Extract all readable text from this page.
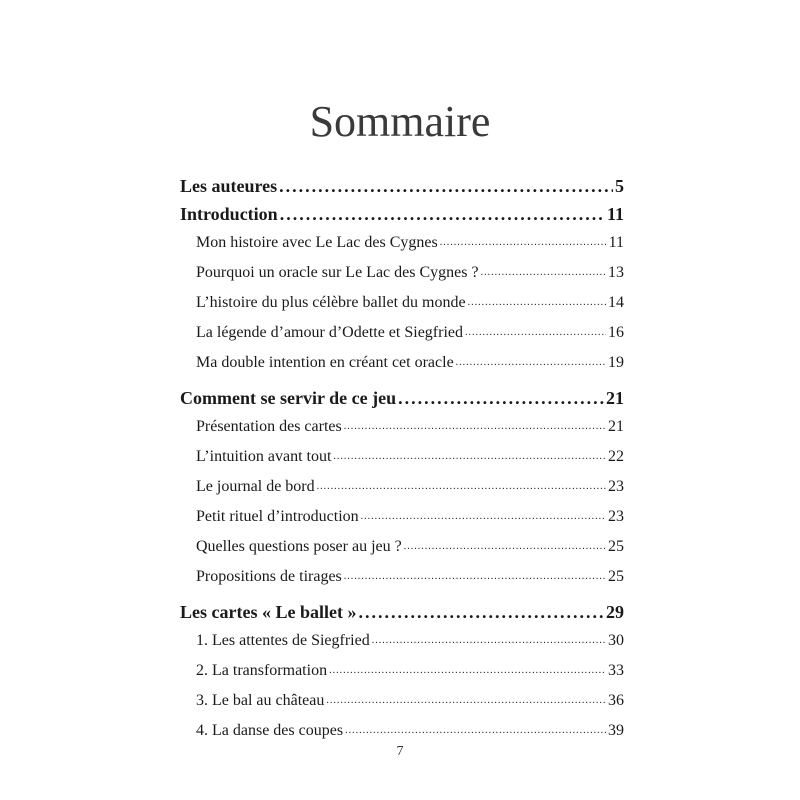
Sommaire
Les auteures .....	5
Introduction .....	11
Mon histoire avec Le Lac des Cygnes .....	11
Pourquoi un oracle sur Le Lac des Cygnes ? .....	13
L’histoire du plus célèbre ballet du monde .....	14
La légende d’amour d’Odette et Siegfried .....	16
Ma double intention en créant cet oracle .....	19
Comment se servir de ce jeu .....	21
Présentation des cartes .....	21
L’intuition avant tout .....	22
Le journal de bord .....	23
Petit rituel d’introduction .....	23
Quelles questions poser au jeu ? .....	25
Propositions de tirages .....	25
Les cartes « Le ballet » .....	29
1. Les attentes de Siegfried .....	30
2. La transformation .....	33
3. Le bal au château .....	36
4. La danse des coupes .....	39
7
